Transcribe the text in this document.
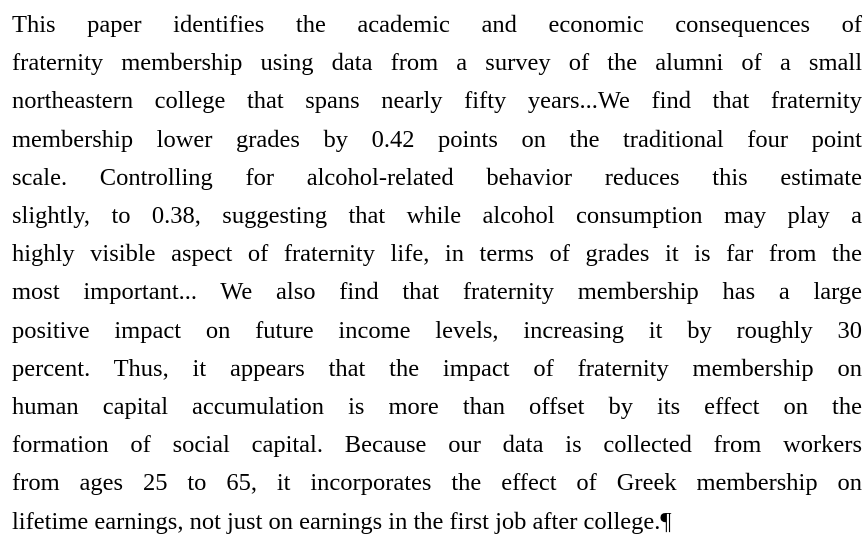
This paper identifies the academic and economic consequences of
fraternity membership using data from a survey of the alumni of a small
northeastern college that spans nearly fifty years...We find that fraternity
membership lower grades by 0.42 points on the traditional four point
scale. Controlling for alcohol-related behavior reduces this estimate
slightly, to 0.38, suggesting that while alcohol consumption may play a
highly visible aspect of fraternity life, in terms of grades it is far from the
most important... We also find that fraternity membership has a large
positive impact on future income levels, increasing it by roughly 30
percent. Thus, it appears that the impact of fraternity membership on
human capital accumulation is more than offset by its effect on the
formation of social capital. Because our data is collected from workers
from ages 25 to 65, it incorporates the effect of Greek membership on
lifetime earnings, not just on earnings in the first job after college.¶
